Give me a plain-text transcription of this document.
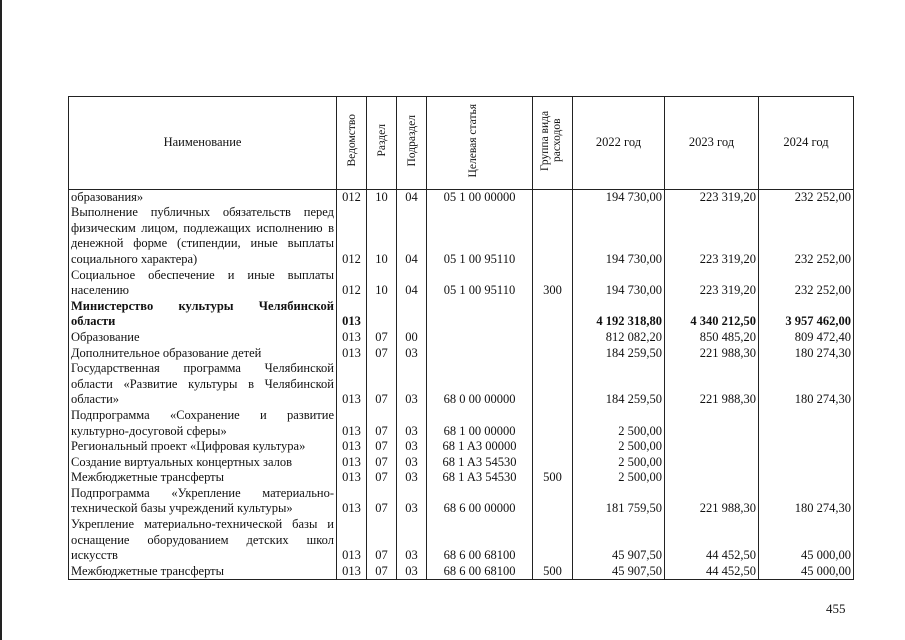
Наименование	Ведомство	Раздел	Подраздел	Целевая статья	Группа вида расходов	2022 год	2023 год	2024 год
образования»	012	10	04	05 1 00 00000		194 730,00	223 319,20	232 252,00
Выполнение публичных обязательств перед физическим лицом, подлежащих исполнению в денежной форме (стипендии, иные выплаты социального характера)	012	10	04	05 1 00 95110		194 730,00	223 319,20	232 252,00
Социальное обеспечение и иные выплаты населению	012	10	04	05 1 00 95110	300	194 730,00	223 319,20	232 252,00
Министерство культуры Челябинской области	013					4 192 318,80	4 340 212,50	3 957 462,00
Образование	013	07	00			812 082,20	850 485,20	809 472,40
Дополнительное образование детей	013	07	03			184 259,50	221 988,30	180 274,30
Государственная программа Челябинской области «Развитие культуры в Челябинской области»	013	07	03	68 0 00 00000		184 259,50	221 988,30	180 274,30
Подпрограмма «Сохранение и развитие культурно-досуговой сферы»	013	07	03	68 1 00 00000		2 500,00		
Региональный проект «Цифровая культура»	013	07	03	68 1 A3 00000		2 500,00		
Создание виртуальных концертных залов	013	07	03	68 1 A3 54530		2 500,00		
Межбюджетные трансферты	013	07	03	68 1 A3 54530	500	2 500,00		
Подпрограмма «Укрепление материально-технической базы учреждений культуры»	013	07	03	68 6 00 00000		181 759,50	221 988,30	180 274,30
Укрепление материально-технической базы и оснащение оборудованием детских школ искусств	013	07	03	68 6 00 68100		45 907,50	44 452,50	45 000,00
Межбюджетные трансферты	013	07	03	68 6 00 68100	500	45 907,50	44 452,50	45 000,00
455
